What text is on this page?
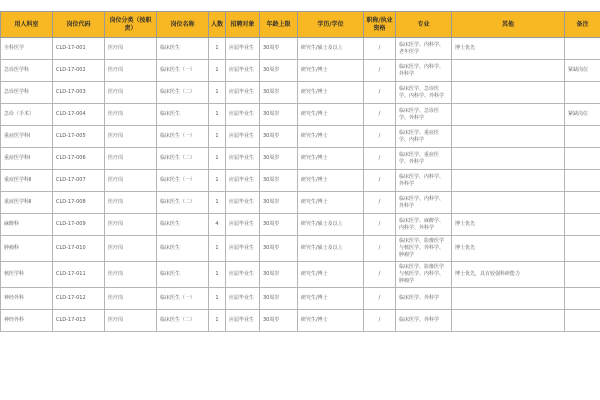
用人科室	岗位代码	岗位分类（按职责）	岗位名称	人数	招聘对象	年龄上限	学历/学位	职称/执业资格	专业	其他	备注
全科医学	CLD-17-001	医疗岗	临床医生	1	应届毕业生	30周岁	研究生/硕士及以上	/	临床医学、内科学、老年医学	博士优先	
急诊医学科	CLD-17-002	医疗岗	临床医生（一）	1	应届毕业生	30周岁	研究生/博士	/	临床医学、内科学、外科学		紧缺岗位
急诊医学科	CLD-17-003	医疗岗	临床医生（二）	1	应届毕业生	30周岁	研究生/博士	/	临床医学、急诊医学、内科学、外科学		
急诊（手术）	CLD-17-004	医疗岗	临床医生	1	应届毕业生	30周岁	研究生/博士	/	临床医学、急诊医学、外科学		紧缺岗位
重症医学科Ⅰ	CLD-17-005	医疗岗	临床医生（一）	1	应届毕业生	30周岁	研究生/博士	/	临床医学、重症医学、内科学		
重症医学科Ⅰ	CLD-17-006	医疗岗	临床医生（二）	1	应届毕业生	30周岁	研究生/博士	/	临床医学、重症医学、外科学		
重症医学科Ⅱ	CLD-17-007	医疗岗	临床医生（一）	1	应届毕业生	30周岁	研究生/博士	/	临床医学、内科学、外科学		
重症医学科Ⅱ	CLD-17-008	医疗岗	临床医生（二）	1	应届毕业生	30周岁	研究生/博士	/	临床医学、内科学、外科学		
麻醉科	CLD-17-009	医疗岗	临床医生	4	应届毕业生	30周岁	研究生/硕士及以上	/	临床医学、麻醉学、内科学、外科学	博士优先	
肿瘤科	CLD-17-010	医疗岗	临床医生	1	应届毕业生	30周岁	研究生/硕士及以上	/	临床医学、影像医学与核医学、外科学、肿瘤学	博士优先	
核医学科	CLD-17-011	医疗岗	临床医生	1	应届毕业生	30周岁	研究生/博士	/	临床医学、影像医学与核医学、内科学、肿瘤学	博士优先，具有较强科研能力	
神经外科	CLD-17-012	医疗岗	临床医生（一）	1	应届毕业生	30周岁	研究生/博士	/	临床医学、外科学		
神经外科	CLD-17-013	医疗岗	临床医生（二）	1	应届毕业生	30周岁	研究生/博士	/	临床医学、外科学		
